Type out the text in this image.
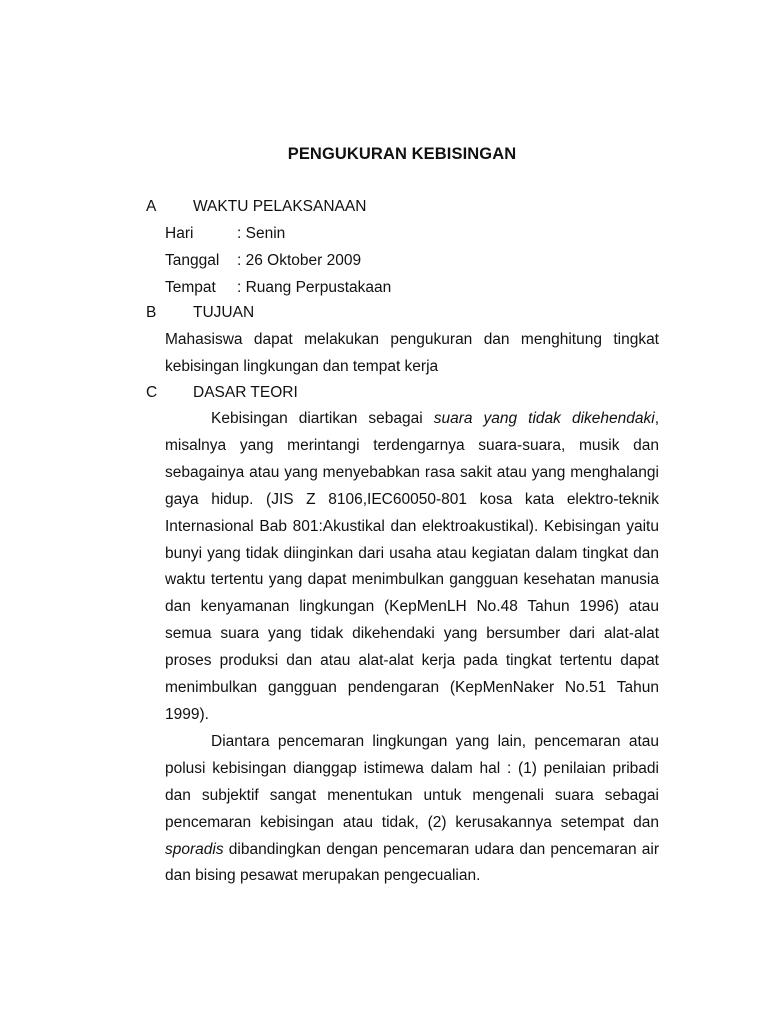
PENGUKURAN KEBISINGAN
A WAKTU PELAKSANAAN
Hari	: Senin
Tanggal : 26 Oktober 2009
Tempat : Ruang Perpustakaan
B TUJUAN

Mahasiswa dapat melakukan pengukuran dan menghitung tingkat kebisingan lingkungan dan tempat kerja

C DASAR TEORI

Kebisingan diartikan sebagai suara yang tidak dikehendaki, misalnya yang merintangi terdengarnya suara-suara, musik dan sebagainya atau yang menyebabkan rasa sakit atau yang menghalangi gaya hidup. (JIS Z 8106,IEC60050-801 kosa kata elektro-teknik Internasional Bab 801:Akustikal dan elektroakustikal). Kebisingan yaitu bunyi yang tidak diinginkan dari usaha atau kegiatan dalam tingkat dan waktu tertentu yang dapat menimbulkan gangguan kesehatan manusia dan kenyamanan lingkungan (KepMenLH No.48 Tahun 1996) atau semua suara yang tidak dikehendaki yang bersumber dari alat-alat proses produksi dan atau alat-alat kerja pada tingkat tertentu dapat menimbulkan gangguan pendengaran (KepMenNaker No.51 Tahun 1999).

Diantara pencemaran lingkungan yang lain, pencemaran atau polusi kebisingan dianggap istimewa dalam hal : (1) penilaian pribadi dan subjektif sangat menentukan untuk mengenali suara sebagai pencemaran kebisingan atau tidak, (2) kerusakannya setempat dan sporadis dibandingkan dengan pencemaran udara dan pencemaran air dan bising pesawat merupakan pengecualian.
